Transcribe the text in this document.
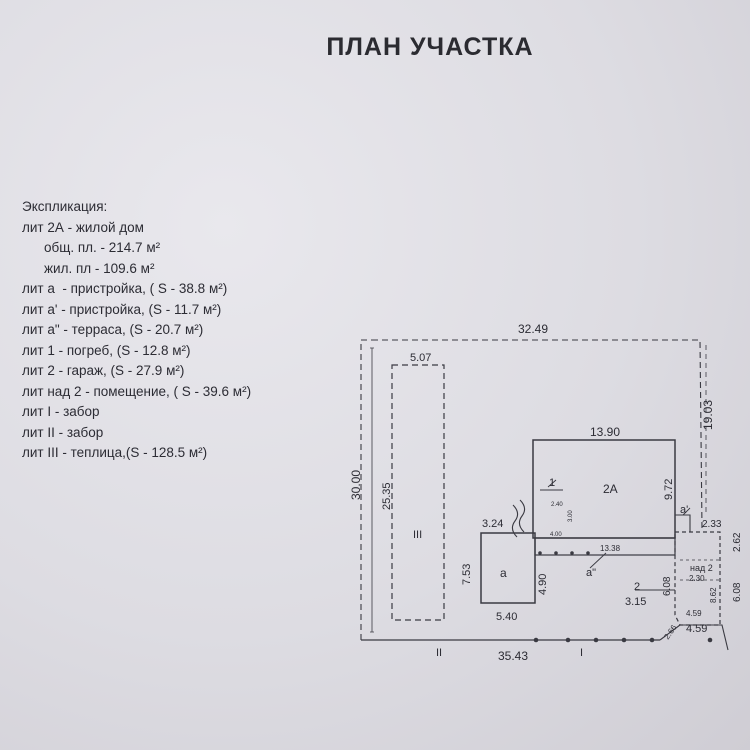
ПЛАН УЧАСТКА
Экспликация:
лит 2А - жилой дом
общ. пл. - 214.7 м²
жил. пл - 109.6 м²
лит а  - пристройка, ( S - 38.8 м²)
лит а' - пристройка, (S - 11.7 м²)
лит а" - терраса, (S - 20.7 м²)
лит 1 - погреб, (S - 12.8 м²)
лит 2 - гараж, (S - 27.9 м²)
лит над 2 - помещение, ( S - 39.6 м²)
лит I - забор
лит II - забор
лит III - теплица,(S - 128.5 м²)
32.49
30.00
19.03
35.43
5.07
25.35
13.90
9.72
3.24
7.53	4.90
5.40
13.38
2.33
2.62
2.30
8.62
4.59
6.08
6.08
3.15
2.66 4.59
2.40
4.00
3.00
2А
а
а'
а"
1
2
над 2
III
I
II
